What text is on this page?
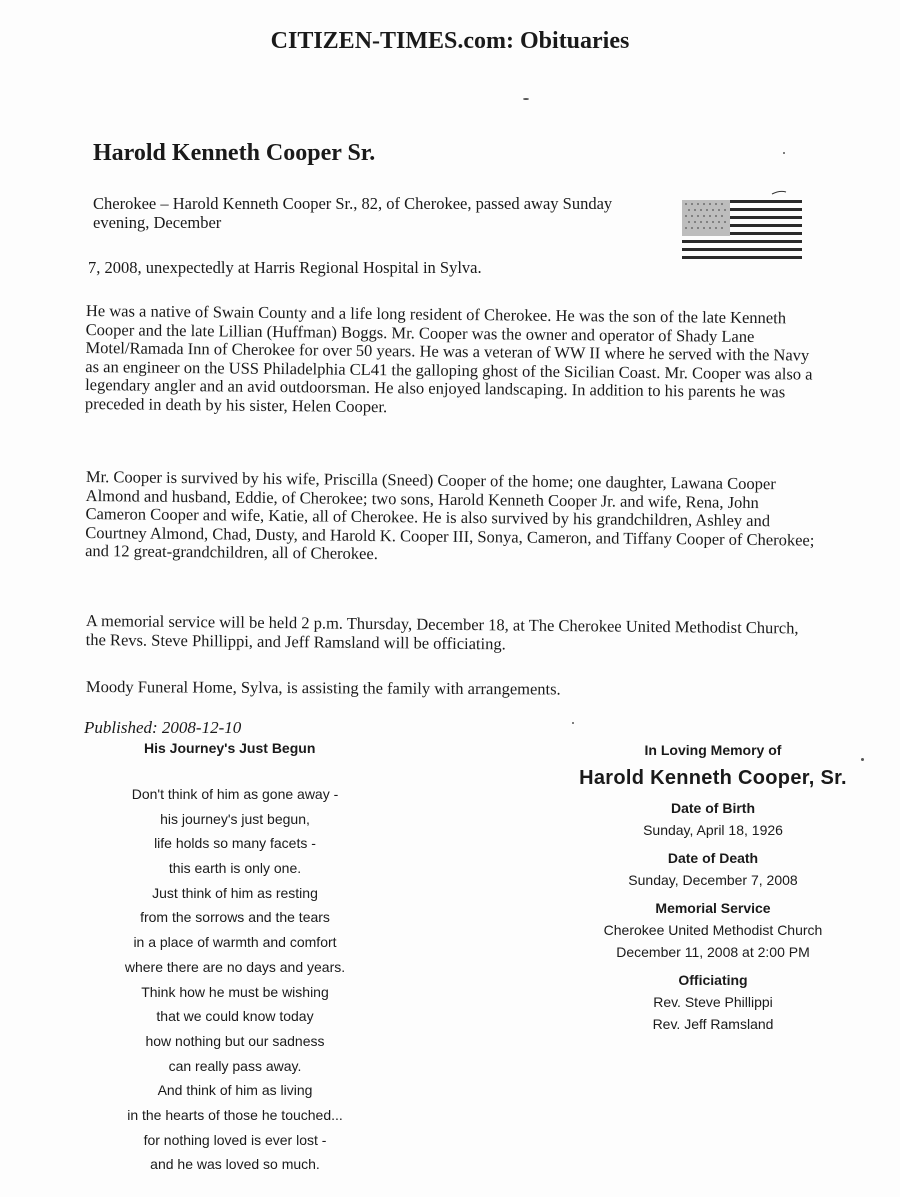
CITIZEN-TIMES.com: Obituaries
Harold Kenneth Cooper Sr.
Cherokee – Harold Kenneth Cooper Sr., 82, of Cherokee, passed away Sunday evening, December
7, 2008, unexpectedly at Harris Regional Hospital in Sylva.
He was a native of Swain County and a life long resident of Cherokee. He was the son of the late Kenneth Cooper and the late Lillian (Huffman) Boggs. Mr. Cooper was the owner and operator of Shady Lane Motel/Ramada Inn of Cherokee for over 50 years. He was a veteran of WW II where he served with the Navy as an engineer on the USS Philadelphia CL41 the galloping ghost of the Sicilian Coast. Mr. Cooper was also a legendary angler and an avid outdoorsman. He also enjoyed landscaping. In addition to his parents he was preceded in death by his sister, Helen Cooper.
Mr. Cooper is survived by his wife, Priscilla (Sneed) Cooper of the home; one daughter, Lawana Cooper Almond and husband, Eddie, of Cherokee; two sons, Harold Kenneth Cooper Jr. and wife, Rena, John Cameron Cooper and wife, Katie, all of Cherokee. He is also survived by his grandchildren, Ashley and Courtney Almond, Chad, Dusty, and Harold K. Cooper III, Sonya, Cameron, and Tiffany Cooper of Cherokee; and 12 great-grandchildren, all of Cherokee.
A memorial service will be held 2 p.m. Thursday, December 18, at The Cherokee United Methodist Church, the Revs. Steve Phillippi, and Jeff Ramsland will be officiating.
Moody Funeral Home, Sylva, is assisting the family with arrangements.
Published: 2008-12-10
His Journey's Just Begun
Don't think of him as gone away -
his journey's just begun,
life holds so many facets -
this earth is only one.
Just think of him as resting
from the sorrows and the tears
in a place of warmth and comfort
where there are no days and years.
Think how he must be wishing
that we could know today
how nothing but our sadness
can really pass away.
And think of him as living
in the hearts of those he touched...
for nothing loved is ever lost -
and he was loved so much.
In Loving Memory of
Harold Kenneth Cooper, Sr.
Date of Birth
Sunday, April 18, 1926
Date of Death
Sunday, December 7, 2008
Memorial Service
Cherokee United Methodist Church
December 11, 2008 at 2:00 PM
Officiating
Rev. Steve Phillippi
Rev. Jeff Ramsland
